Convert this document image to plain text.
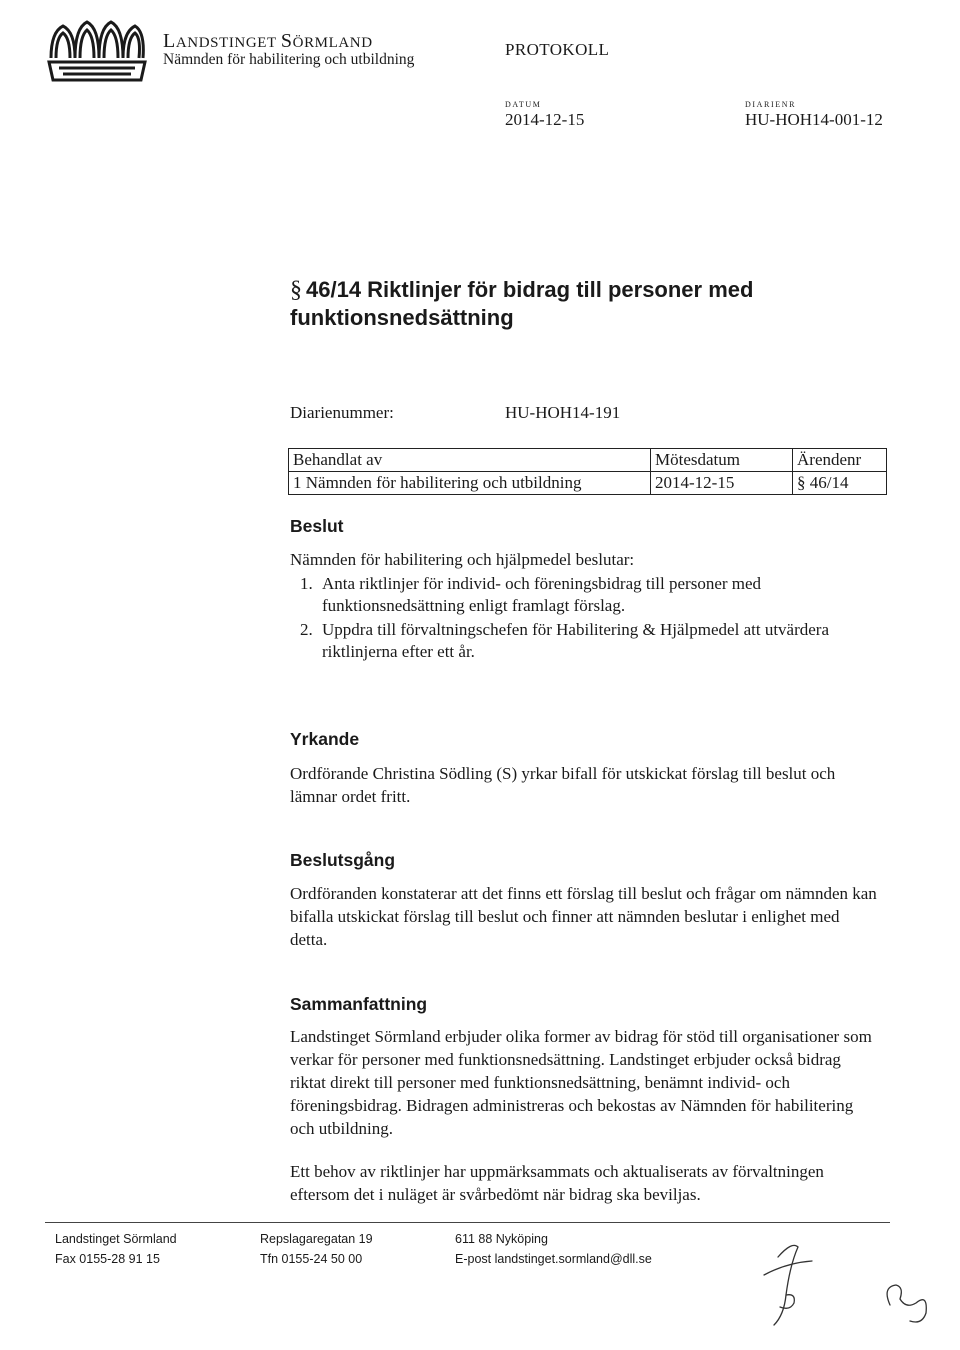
LANDSTINGET SÖRMLAND
Nämnden för habilitering och utbildning
PROTOKOLL
DATUM
2014-12-15
DIARIENR
HU-HOH14-001-12
§ 46/14 Riktlinjer för bidrag till personer med funktionsnedsättning
Diarienummer:	HU-HOH14-191
Behandlat av	Mötesdatum	Ärendenr
1 Nämnden för habilitering och utbildning	2014-12-15	§ 46/14
Beslut

Nämnden för habilitering och hjälpmedel beslutar:

1. Anta riktlinjer för individ- och föreningsbidrag till personer med funktionsnedsättning enligt framlagt förslag.
2. Uppdra till förvaltningschefen för Habilitering & Hjälpmedel att utvärdera riktlinjerna efter ett år.
Yrkande

Ordförande Christina Södling (S) yrkar bifall för utskickat förslag till beslut och lämnar ordet fritt.

Beslutsgång

Ordföranden konstaterar att det finns ett förslag till beslut och frågar om nämnden kan bifalla utskickat förslag till beslut och finner att nämnden beslutar i enlighet med detta.

Sammanfattning

Landstinget Sörmland erbjuder olika former av bidrag för stöd till organisationer som verkar för personer med funktionsnedsättning. Landstinget erbjuder också bidrag riktat direkt till personer med funktionsnedsättning, benämnt individ- och föreningsbidrag. Bidragen administreras och bekostas av Nämnden för habilitering och utbildning.

Ett behov av riktlinjer har uppmärksammats och aktualiserats av förvaltningen eftersom det i nuläget är svårbedömt när bidrag ska beviljas.

Landstinget Sörmland
Fax 0155-28 91 15
Repslagaregatan 19
Tfn 0155-24 50 00
611 88 Nyköping
E-post landstinget.sormland@dll.se
